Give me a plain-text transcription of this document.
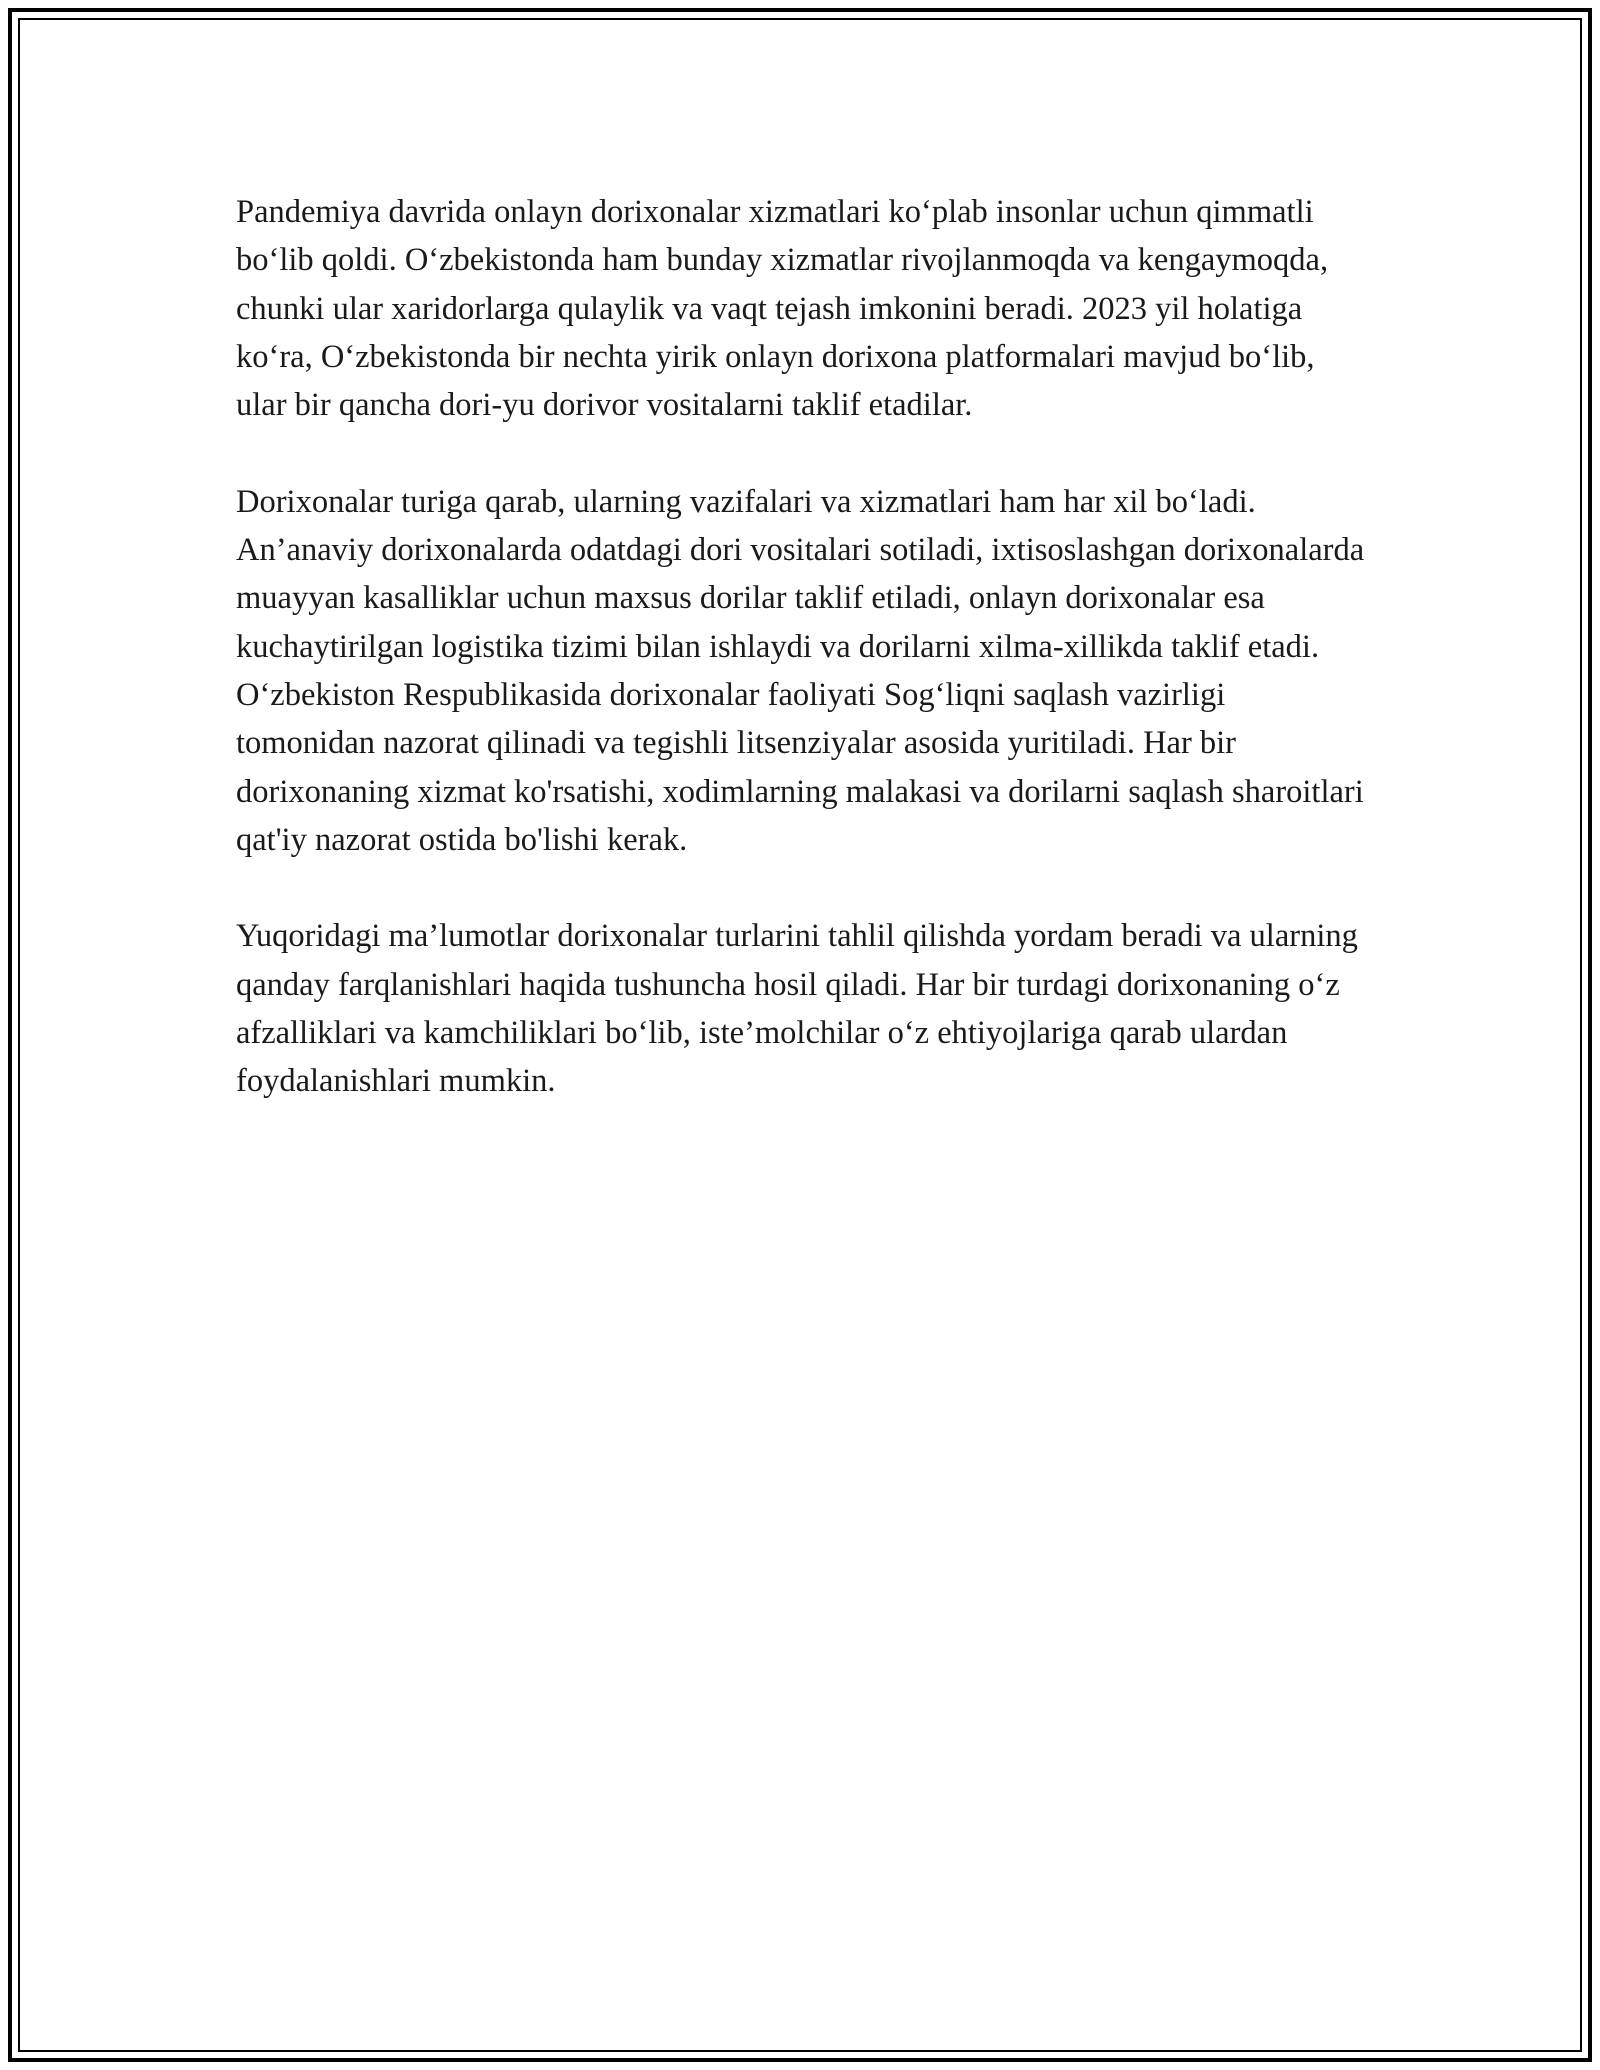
Pandemiya davrida onlayn dorixonalar xizmatlari ko‘plab insonlar uchun qimmatli bo‘lib qoldi. O‘zbekistonda ham bunday xizmatlar rivojlanmoqda va kengaymoqda, chunki ular xaridorlarga qulaylik va vaqt tejash imkonini beradi. 2023 yil holatiga ko‘ra, O‘zbekistonda bir nechta yirik onlayn dorixona platformalari mavjud bo‘lib, ular bir qancha dori-yu dorivor vositalarni taklif etadilar.

Dorixonalar turiga qarab, ularning vazifalari va xizmatlari ham har xil bo‘ladi. An’anaviy dorixonalarda odatdagi dori vositalari sotiladi, ixtisoslashgan dorixonalarda muayyan kasalliklar uchun maxsus dorilar taklif etiladi, onlayn dorixonalar esa kuchaytirilgan logistika tizimi bilan ishlaydi va dorilarni xilma-xillikda taklif etadi. O‘zbekiston Respublikasida dorixonalar faoliyati Sog‘liqni saqlash vazirligi tomonidan nazorat qilinadi va tegishli litsenziyalar asosida yuritiladi. Har bir dorixonaning xizmat ko'rsatishi, xodimlarning malakasi va dorilarni saqlash sharoitlari qat'iy nazorat ostida bo'lishi kerak.

Yuqoridagi ma’lumotlar dorixonalar turlarini tahlil qilishda yordam beradi va ularning qanday farqlanishlari haqida tushuncha hosil qiladi. Har bir turdagi dorixonaning o‘z afzalliklari va kamchiliklari bo‘lib, iste’molchilar o‘z ehtiyojlariga qarab ulardan foydalanishlari mumkin.
